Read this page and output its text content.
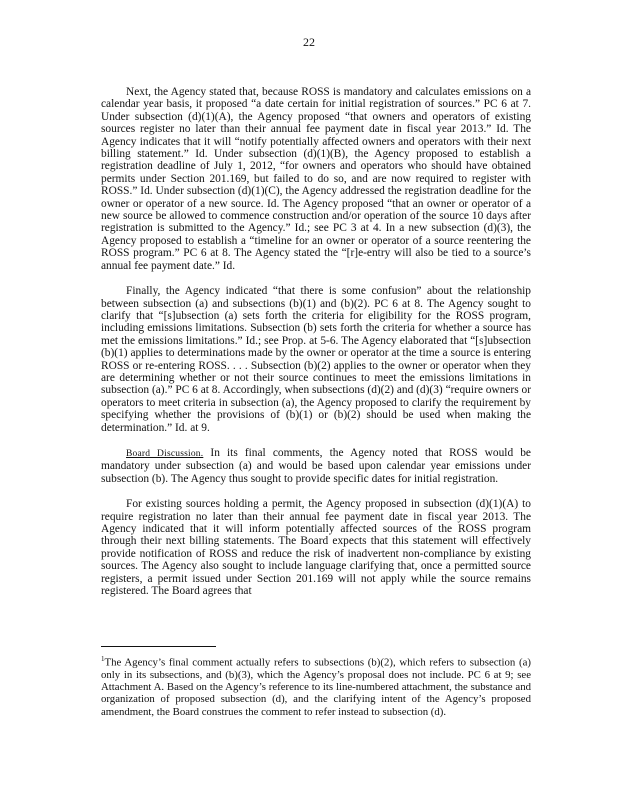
22

Next, the Agency stated that, because ROSS is mandatory and calculates emissions on a calendar year basis, it proposed “a date certain for initial registration of sources.” PC 6 at 7. Under subsection (d)(1)(A), the Agency proposed “that owners and operators of existing sources register no later than their annual fee payment date in fiscal year 2013.” Id. The Agency indicates that it will “notify potentially affected owners and operators with their next billing statement.” Id. Under subsection (d)(1)(B), the Agency proposed to establish a registration deadline of July 1, 2012, “for owners and operators who should have obtained permits under Section 201.169, but failed to do so, and are now required to register with ROSS.” Id. Under subsection (d)(1)(C), the Agency addressed the registration deadline for the owner or operator of a new source. Id. The Agency proposed “that an owner or operator of a new source be allowed to commence construction and/or operation of the source 10 days after registration is submitted to the Agency.” Id.; see PC 3 at 4. In a new subsection (d)(3), the Agency proposed to establish a “timeline for an owner or operator of a source reentering the ROSS program.” PC 6 at 8. The Agency stated the “[r]e-entry will also be tied to a source’s annual fee payment date.” Id.

Finally, the Agency indicated “that there is some confusion” about the relationship between subsection (a) and subsections (b)(1) and (b)(2). PC 6 at 8. The Agency sought to clarify that “[s]ubsection (a) sets forth the criteria for eligibility for the ROSS program, including emissions limitations. Subsection (b) sets forth the criteria for whether a source has met the emissions limitations.” Id.; see Prop. at 5-6. The Agency elaborated that “[s]ubsection (b)(1) applies to determinations made by the owner or operator at the time a source is entering ROSS or re-entering ROSS. . . . Subsection (b)(2) applies to the owner or operator when they are determining whether or not their source continues to meet the emissions limitations in subsection (a).” PC 6 at 8. Accordingly, when subsections (d)(2) and (d)(3) “require owners or operators to meet criteria in subsection (a), the Agency proposed to clarify the requirement by specifying whether the provisions of (b)(1) or (b)(2) should be used when making the determination.” Id. at 9.

Board Discussion. In its final comments, the Agency noted that ROSS would be mandatory under subsection (a) and would be based upon calendar year emissions under subsection (b). The Agency thus sought to provide specific dates for initial registration.

For existing sources holding a permit, the Agency proposed in subsection (d)(1)(A) to require registration no later than their annual fee payment date in fiscal year 2013. The Agency indicated that it will inform potentially affected sources of the ROSS program through their next billing statements. The Board expects that this statement will effectively provide notification of ROSS and reduce the risk of inadvertent non-compliance by existing sources. The Agency also sought to include language clarifying that, once a permitted source registers, a permit issued under Section 201.169 will not apply while the source remains registered. The Board agrees that

$^1$The Agency’s final comment actually refers to subsections (b)(2), which refers to subsection (a) only in its subsections, and (b)(3), which the Agency’s proposal does not include. PC 6 at 9; see Attachment A. Based on the Agency’s reference to its line-numbered attachment, the substance and organization of proposed subsection (d), and the clarifying intent of the Agency’s proposed amendment, the Board construes the comment to refer instead to subsection (d).
